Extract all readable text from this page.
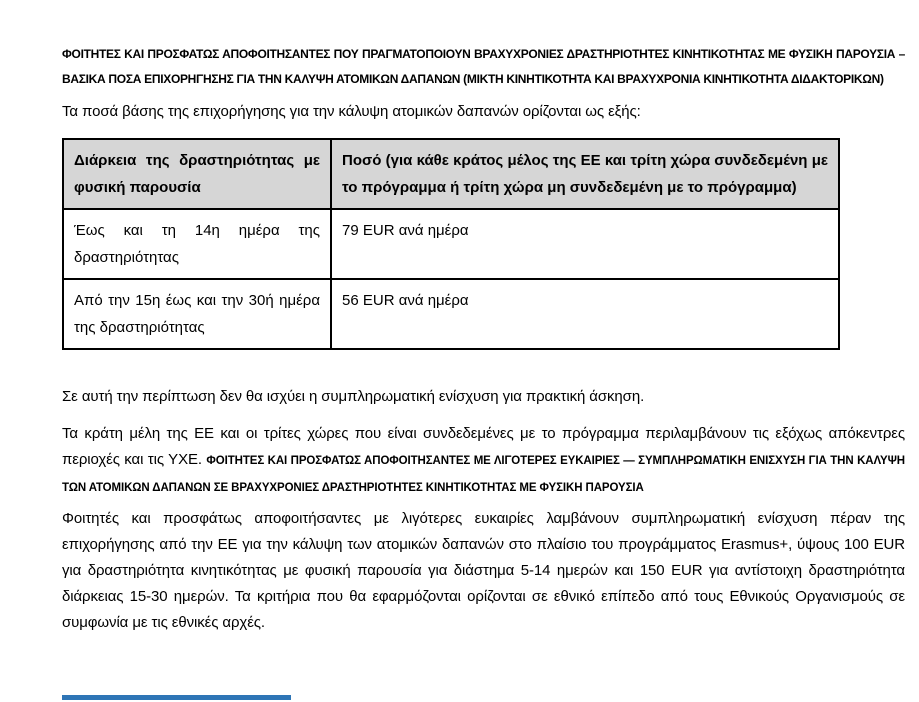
ΦΟΙΤΗΤΕΣ ΚΑΙ ΠΡΟΣΦΑΤΩΣ ΑΠΟΦΟΙΤΗΣΑΝΤΕΣ ΠΟΥ ΠΡΑΓΜΑΤΟΠΟΙΟΥΝ ΒΡΑΧΥΧΡΟΝΙΕΣ ΔΡΑΣΤΗΡΙΟΤΗΤΕΣ ΚΙΝΗΤΙΚΟΤΗΤΑΣ ΜΕ ΦΥΣΙΚΗ ΠΑΡΟΥΣΙΑ – ΒΑΣΙΚΑ ΠΟΣΑ ΕΠΙΧΟΡΗΓΗΣΗΣ ΓΙΑ ΤΗΝ ΚΑΛΥΨΗ ΑΤΟΜΙΚΩΝ ΔΑΠΑΝΩΝ (ΜΙΚΤΗ ΚΙΝΗΤΙΚΟΤΗΤΑ ΚΑΙ ΒΡΑΧΥΧΡΟΝΙΑ ΚΙΝΗΤΙΚΟΤΗΤΑ ΔΙΔΑΚΤΟΡΙΚΩΝ)
Τα ποσά βάσης της επιχορήγησης για την κάλυψη ατομικών δαπανών ορίζονται ως εξής:
Διάρκεια της δραστηριότητας με φυσική παρουσία	Ποσό (για κάθε κράτος μέλος της ΕΕ και τρίτη χώρα συνδεδεμένη με το πρόγραμμα ή τρίτη χώρα μη συνδεδεμένη με το πρόγραμμα)
Έως και τη 14η ημέρα της δραστηριότητας	79 EUR ανά ημέρα
Από την 15η έως και την 30ή ημέρα της δραστηριότητας	56 EUR ανά ημέρα
Σε αυτή την περίπτωση δεν θα ισχύει η συμπληρωματική ενίσχυση για πρακτική άσκηση.
Τα κράτη μέλη της ΕΕ και οι τρίτες χώρες που είναι συνδεδεμένες με το πρόγραμμα περιλαμβάνουν τις εξόχως απόκεντρες περιοχές και τις ΥΧΕ. ΦΟΙΤΗΤΕΣ ΚΑΙ ΠΡΟΣΦΑΤΩΣ ΑΠΟΦΟΙΤΗΣΑΝΤΕΣ ΜΕ ΛΙΓΟΤΕΡΕΣ ΕΥΚΑΙΡΙΕΣ — ΣΥΜΠΛΗΡΩΜΑΤΙΚΗ ΕΝΙΣΧΥΣΗ ΓΙΑ ΤΗΝ ΚΑΛΥΨΗ ΤΩΝ ΑΤΟΜΙΚΩΝ ΔΑΠΑΝΩΝ ΣΕ ΒΡΑΧΥΧΡΟΝΙΕΣ ΔΡΑΣΤΗΡΙΟΤΗΤΕΣ ΚΙΝΗΤΙΚΟΤΗΤΑΣ ΜΕ ΦΥΣΙΚΗ ΠΑΡΟΥΣΙΑ
Φοιτητές και προσφάτως αποφοιτήσαντες με λιγότερες ευκαιρίες λαμβάνουν συμπληρωματική ενίσχυση πέραν της επιχορήγησης από την ΕΕ για την κάλυψη των ατομικών δαπανών στο πλαίσιο του προγράμματος Erasmus+, ύψους 100 EUR για δραστηριότητα κινητικότητας με φυσική παρουσία για διάστημα 5-14 ημερών και 150 EUR για αντίστοιχη δραστηριότητα διάρκειας 15-30 ημερών. Τα κριτήρια που θα εφαρμόζονται ορίζονται σε εθνικό επίπεδο από τους Εθνικούς Οργανισμούς σε συμφωνία με τις εθνικές αρχές.
